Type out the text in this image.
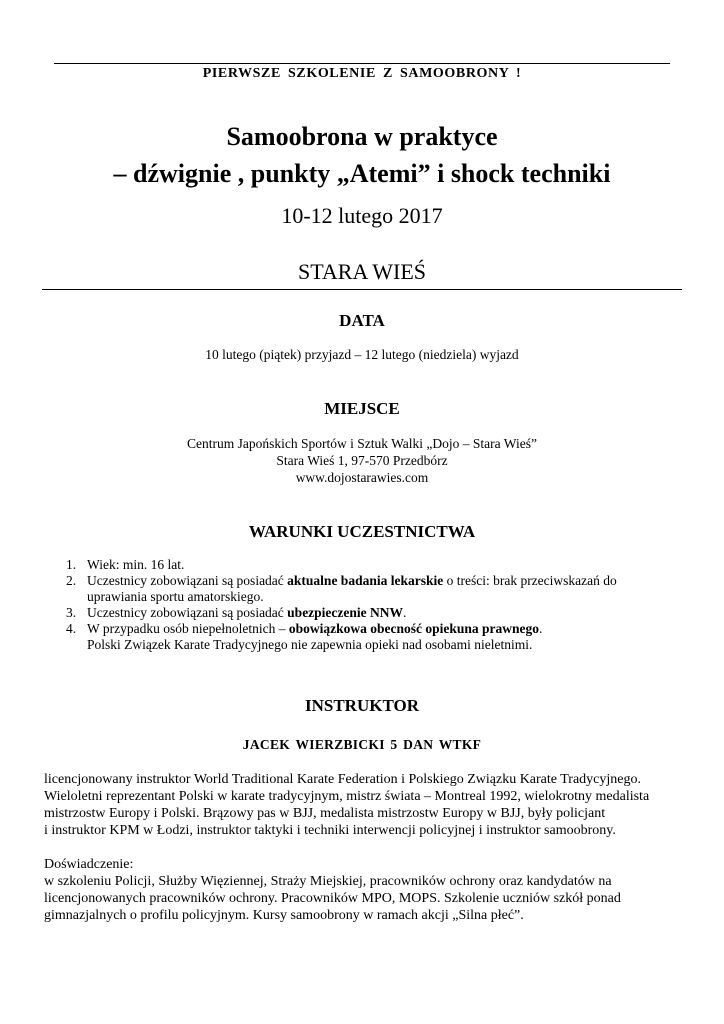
PIERWSZE SZKOLENIE Z SAMOOBRONY !
Samoobrona w praktyce
– dźwignie , punkty „Atemi” i shock techniki
10-12 lutego 2017
STARA WIEŚ
DATA
10 lutego (piątek) przyjazd – 12 lutego (niedziela) wyjazd
MIEJSCE
Centrum Japońskich Sportów i Sztuk Walki „Dojo – Stara Wieś”
Stara Wieś 1, 97-570 Przedbórz
www.dojostarawies.com
WARUNKI UCZESTNICTWA
1. Wiek: min. 16 lat.
2. Uczestnicy zobowiązani są posiadać aktualne badania lekarskie o treści: brak przeciwskazań do
uprawiania sportu amatorskiego.
3. Uczestnicy zobowiązani są posiadać ubezpieczenie NNW.
4. W przypadku osób niepełnoletnich – obowiązkowa obecność opiekuna prawnego.
Polski Związek Karate Tradycyjnego nie zapewnia opieki nad osobami nieletnimi.
INSTRUKTOR
JACEK WIERZBICKI 5 DAN WTKF
licencjonowany instruktor World Traditional Karate Federation i Polskiego Związku Karate Tradycyjnego.
Wieloletni reprezentant Polski w karate tradycyjnym, mistrz świata – Montreal 1992, wielokrotny medalista
mistrzostw Europy i Polski. Brązowy pas w BJJ, medalista mistrzostw Europy w BJJ, były policjant
i instruktor KPM w Łodzi, instruktor taktyki i techniki interwencji policyjnej i instruktor samoobrony.
Doświadczenie:
w szkoleniu Policji, Służby Więziennej, Straży Miejskiej, pracowników ochrony oraz kandydatów na
licencjonowanych pracowników ochrony. Pracowników MPO, MOPS. Szkolenie uczniów szkół ponad
gimnazjalnych o profilu policyjnym. Kursy samoobrony w ramach akcji „Silna płeć”.
